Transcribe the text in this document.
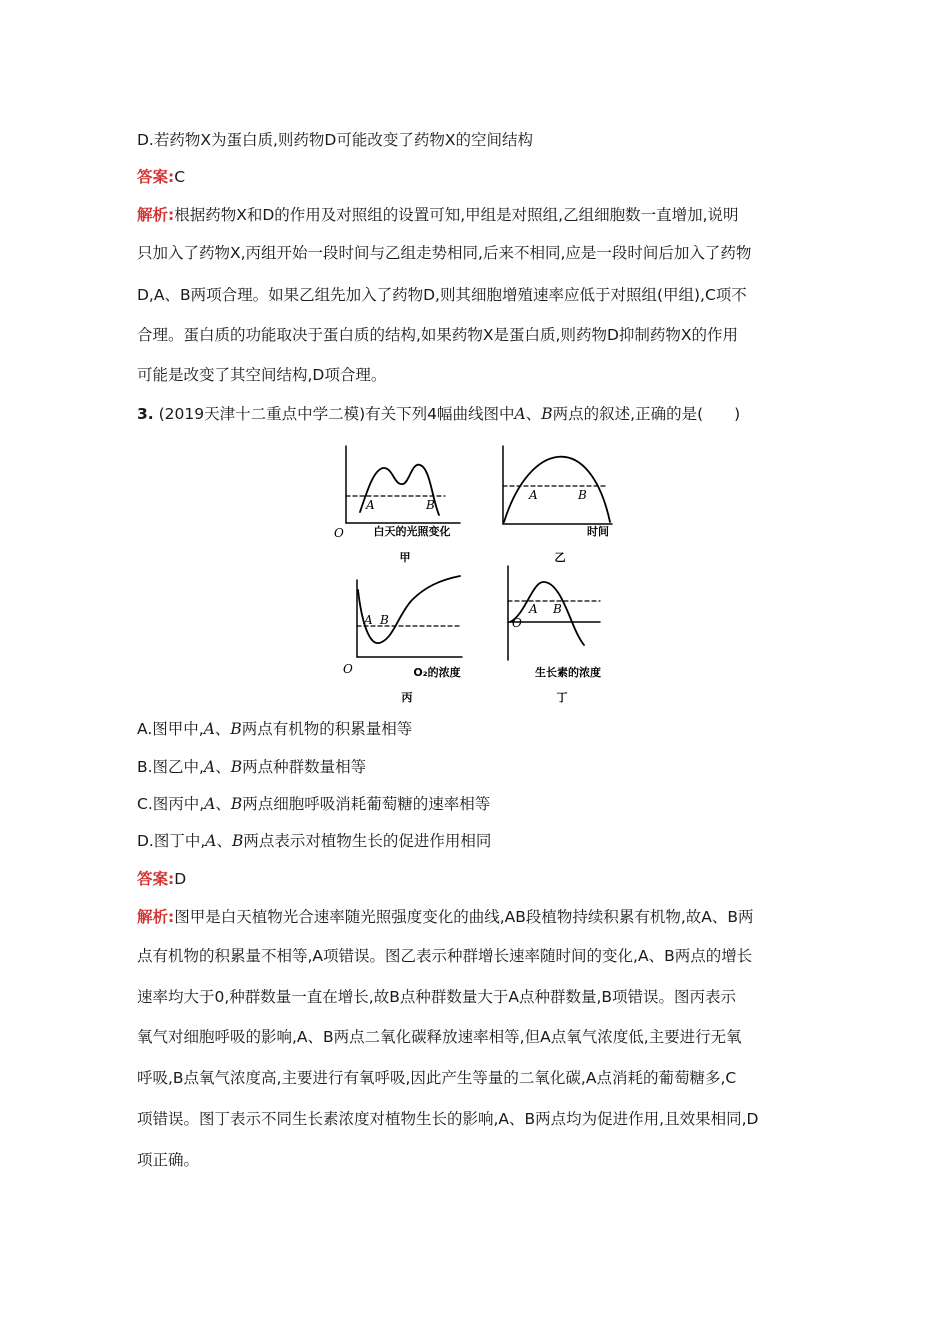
D.若药物X为蛋白质,则药物D可能改变了药物X的空间结构
答案:C
解析:根据药物X和D的作用及对照组的设置可知,甲组是对照组,乙组细胞数一直增加,说明
只加入了药物X,丙组开始一段时间与乙组走势相同,后来不相同,应是一段时间后加入了药物
D,A、B两项合理。如果乙组先加入了药物D,则其细胞增殖速率应低于对照组(甲组),C项不
合理。蛋白质的功能取决于蛋白质的结构,如果药物X是蛋白质,则药物D抑制药物X的作用
可能是改变了其空间结构,D项合理。
3. (2019天津十二重点中学二模)有关下列4幅曲线图中A、B两点的叙述,正确的是(　　)
白天的光照变化
甲
O
A	B
时间
乙
A	B
O₂的浓度
丙
O
A B
生长素的浓度
丁
O
A B
A.图甲中,A、B两点有机物的积累量相等
B.图乙中,A、B两点种群数量相等
C.图丙中,A、B两点细胞呼吸消耗葡萄糖的速率相等
D.图丁中,A、B两点表示对植物生长的促进作用相同
答案:D
解析:图甲是白天植物光合速率随光照强度变化的曲线,AB段植物持续积累有机物,故A、B两
点有机物的积累量不相等,A项错误。图乙表示种群增长速率随时间的变化,A、B两点的增长
速率均大于0,种群数量一直在增长,故B点种群数量大于A点种群数量,B项错误。图丙表示
氧气对细胞呼吸的影响,A、B两点二氧化碳释放速率相等,但A点氧气浓度低,主要进行无氧
呼吸,B点氧气浓度高,主要进行有氧呼吸,因此产生等量的二氧化碳,A点消耗的葡萄糖多,C
项错误。图丁表示不同生长素浓度对植物生长的影响,A、B两点均为促进作用,且效果相同,D
项正确。
